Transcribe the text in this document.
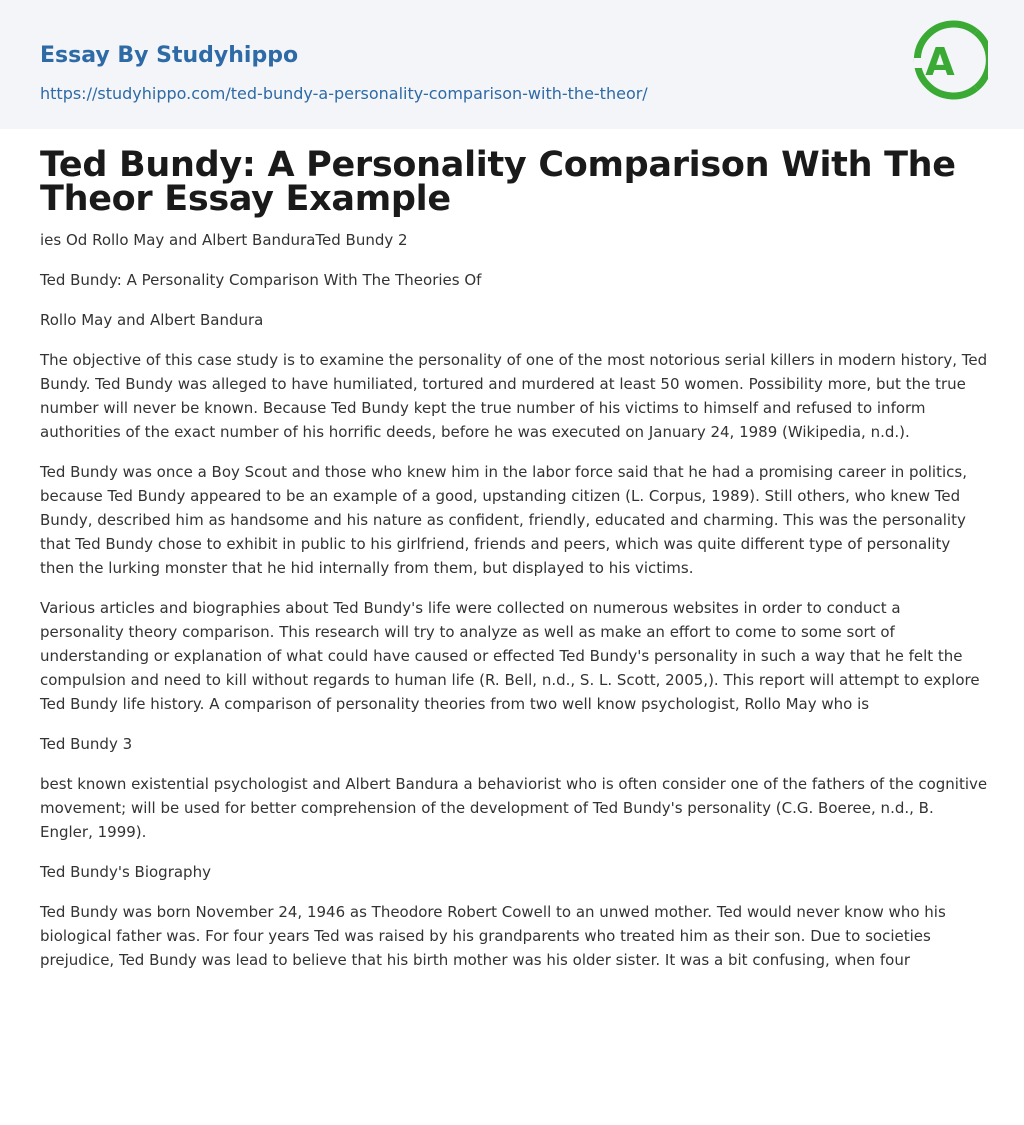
Essay By Studyhippo
https://studyhippo.com/ted-bundy-a-personality-comparison-with-the-theor/
A
Ted Bundy: A Personality Comparison With The Theor Essay Example

ies Od Rollo May and Albert BanduraTed Bundy 2

Ted Bundy: A Personality Comparison With The Theories Of

Rollo May and Albert Bandura

The objective of this case study is to examine the personality of one of the most notorious serial killers in modern history, Ted Bundy. Ted Bundy was alleged to have humiliated, tortured and murdered at least 50 women. Possibility more, but the true number will never be known. Because Ted Bundy kept the true number of his victims to himself and refused to inform authorities of the exact number of his horrific deeds, before he was executed on January 24, 1989 (Wikipedia, n.d.).

Ted Bundy was once a Boy Scout and those who knew him in the labor force said that he had a promising career in politics, because Ted Bundy appeared to be an example of a good, upstanding citizen (L. Corpus, 1989). Still others, who knew Ted Bundy, described him as handsome and his nature as confident, friendly, educated and charming. This was the personality that Ted Bundy chose to exhibit in public to his girlfriend, friends and peers, which was quite different type of personality then the lurking monster that he hid internally from them, but displayed to his victims.

Various articles and biographies about Ted Bundy's life were collected on numerous websites in order to conduct a personality theory comparison. This research will try to analyze as well as make an effort to come to some sort of understanding or explanation of what could have caused or effected Ted Bundy's personality in such a way that he felt the compulsion and need to kill without regards to human life (R. Bell, n.d., S. L. Scott, 2005,). This report will attempt to explore Ted Bundy life history. A comparison of personality theories from two well know psychologist, Rollo May who is

Ted Bundy 3

best known existential psychologist and Albert Bandura a behaviorist who is often consider one of the fathers of the cognitive movement; will be used for better comprehension of the development of Ted Bundy's personality (C.G. Boeree, n.d., B. Engler, 1999).

Ted Bundy's Biography

Ted Bundy was born November 24, 1946 as Theodore Robert Cowell to an unwed mother. Ted would never know who his biological father was. For four years Ted was raised by his grandparents who treated him as their son. Due to societies prejudice, Ted Bundy was lead to believe that his birth mother was his older sister. It was a bit confusing, when four
